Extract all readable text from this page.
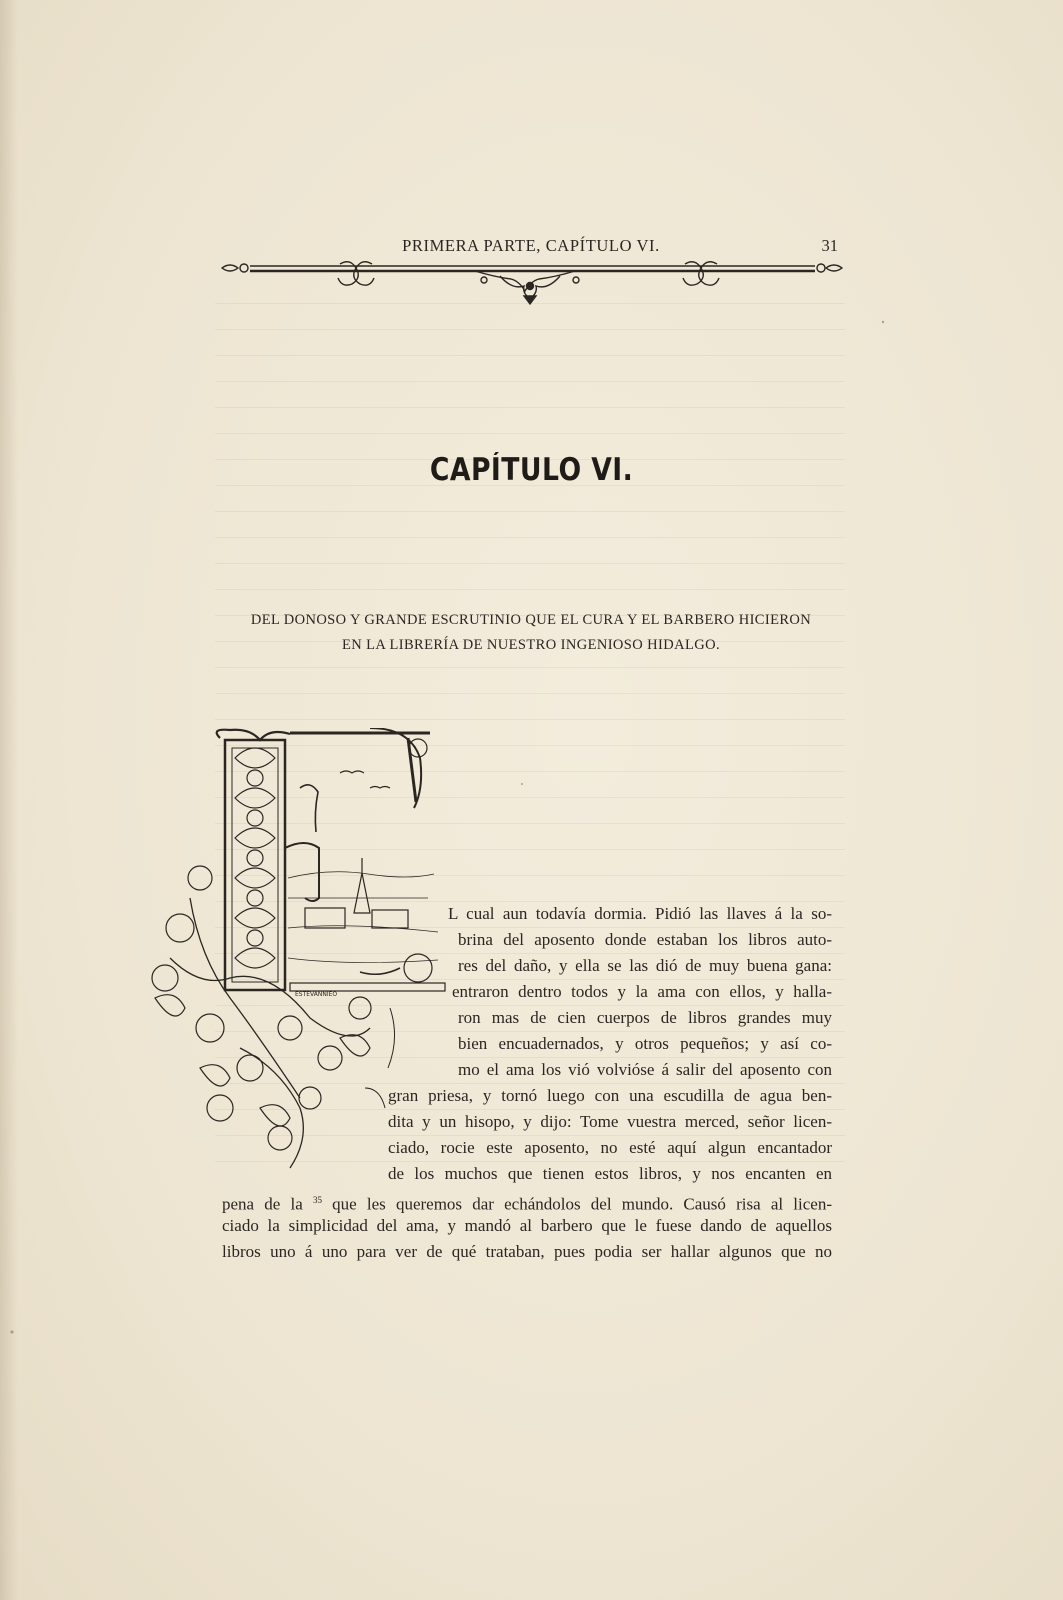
PRIMERA PARTE, CAPÍTULO VI.	31
CAPÍTULO VI.
DEL DONOSO Y GRANDE ESCRUTINIO QUE EL CURA Y EL BARBERO HICIERON
EN LA LIBRERÍA DE NUESTRO INGENIOSO HIDALGO.
ESTEVANNIEO
L cual aun todavía dormia. Pidió las llaves á la so-
brina del aposento donde estaban los libros auto-
res del daño, y ella se las dió de muy buena gana:
entraron dentro todos y la ama con ellos, y halla-
ron mas de cien cuerpos de libros grandes muy
bien encuadernados, y otros pequeños; y así co-
mo el ama los vió volvióse á salir del aposento con
gran priesa, y tornó luego con una escudilla de agua ben-
dita y un hisopo, y dijo: Tome vuestra merced, señor licen-
ciado, rocie este aposento, no esté aquí algun encantador
de los muchos que tienen estos libros, y nos encanten en
pena de la $^{35}$ que les queremos dar echándolos del mundo. Causó risa al licen-
ciado la simplicidad del ama, y mandó al barbero que le fuese dando de aquellos
libros uno á uno para ver de qué trataban, pues podia ser hallar algunos que no
